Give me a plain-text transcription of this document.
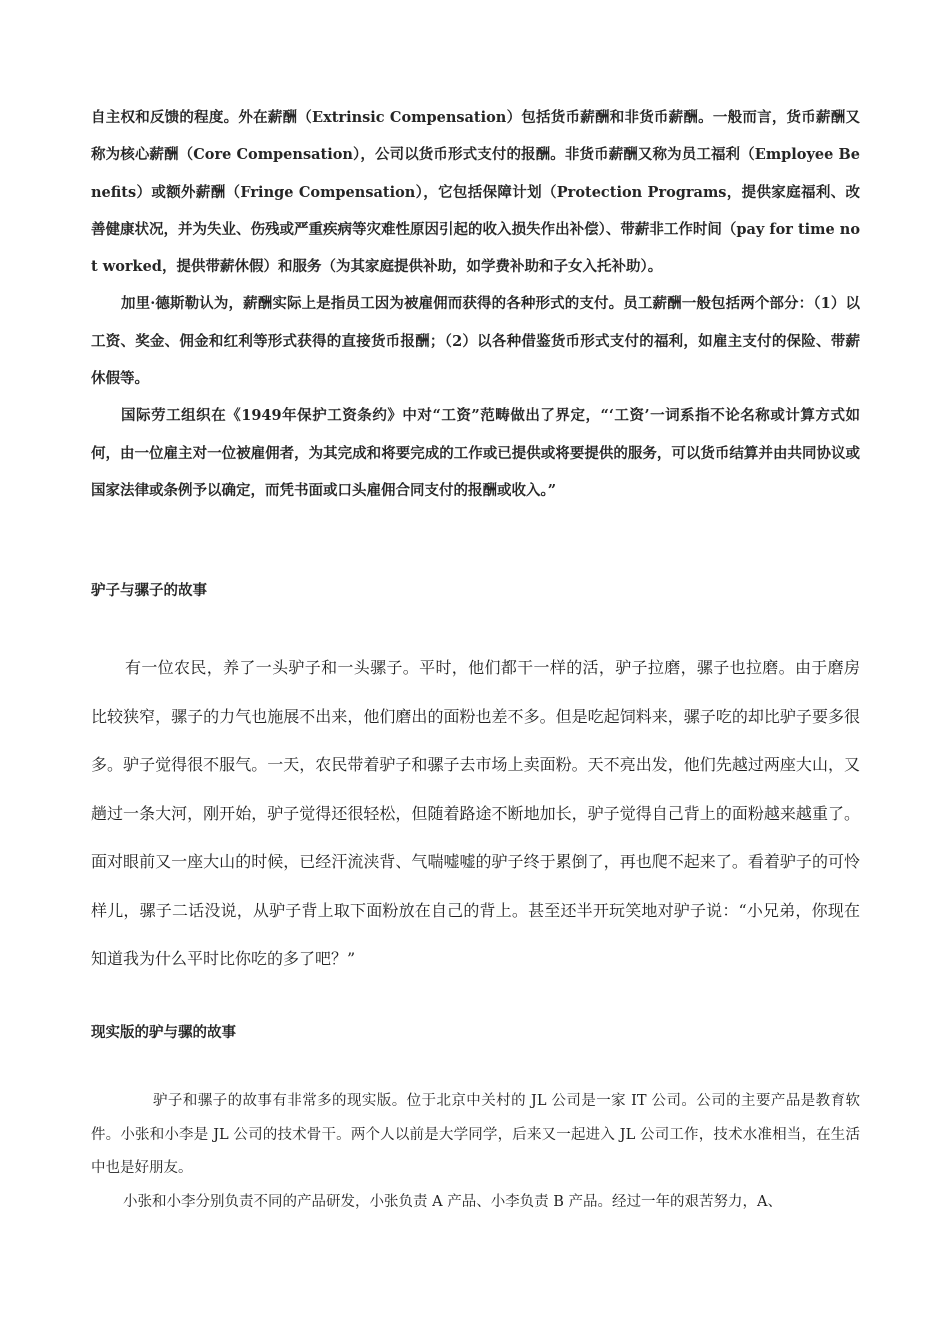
自主权和反馈的程度。外在薪酬（Extrinsic Compensation）包括货币薪酬和非货币薪酬。一般而言，货币薪酬又称为核心薪酬（Core Compensation），公司以货币形式支付的报酬。非货币薪酬又称为员工福利（Employee Benefits）或额外薪酬（Fringe Compensation），它包括保障计划（Protection Programs，提供家庭福利、改善健康状况，并为失业、伤残或严重疾病等灾难性原因引起的收入损失作出补偿）、带薪非工作时间（pay for time not worked，提供带薪休假）和服务（为其家庭提供补助，如学费补助和子女入托补助）。

加里·德斯勒认为，薪酬实际上是指员工因为被雇佣而获得的各种形式的支付。员工薪酬一般包括两个部分：（1）以工资、奖金、佣金和红利等形式获得的直接货币报酬；（2）以各种借鉴货币形式支付的福利，如雇主支付的保险、带薪休假等。

国际劳工组织在《1949年保护工资条约》中对“工资”范畴做出了界定，“‘工资’一词系指不论名称或计算方式如何，由一位雇主对一位被雇佣者，为其完成和将要完成的工作或已提供或将要提供的服务，可以货币结算并由共同协议或国家法律或条例予以确定，而凭书面或口头雇佣合同支付的报酬或收入。”

驴子与骡子的故事

有一位农民，养了一头驴子和一头骡子。平时，他们都干一样的活，驴子拉磨，骡子也拉磨。由于磨房比较狭窄，骡子的力气也施展不出来，他们磨出的面粉也差不多。但是吃起饲料来，骡子吃的却比驴子要多很多。驴子觉得很不服气。一天，农民带着驴子和骡子去市场上卖面粉。天不亮出发，他们先越过两座大山，又趟过一条大河，刚开始，驴子觉得还很轻松，但随着路途不断地加长，驴子觉得自己背上的面粉越来越重了。面对眼前又一座大山的时候，已经汗流浃背、气喘嘘嘘的驴子终于累倒了，再也爬不起来了。看着驴子的可怜样儿，骡子二话没说，从驴子背上取下面粉放在自己的背上。甚至还半开玩笑地对驴子说：“小兄弟，你现在知道我为什么平时比你吃的多了吧？”

现实版的驴与骡的故事

驴子和骡子的故事有非常多的现实版。位于北京中关村的 JL 公司是一家 IT 公司。公司的主要产品是教育软件。小张和小李是 JL 公司的技术骨干。两个人以前是大学同学，后来又一起进入 JL 公司工作，技术水准相当，在生活中也是好朋友。

小张和小李分别负责不同的产品研发，小张负责 A 产品、小李负责 B 产品。经过一年的艰苦努力，A、
